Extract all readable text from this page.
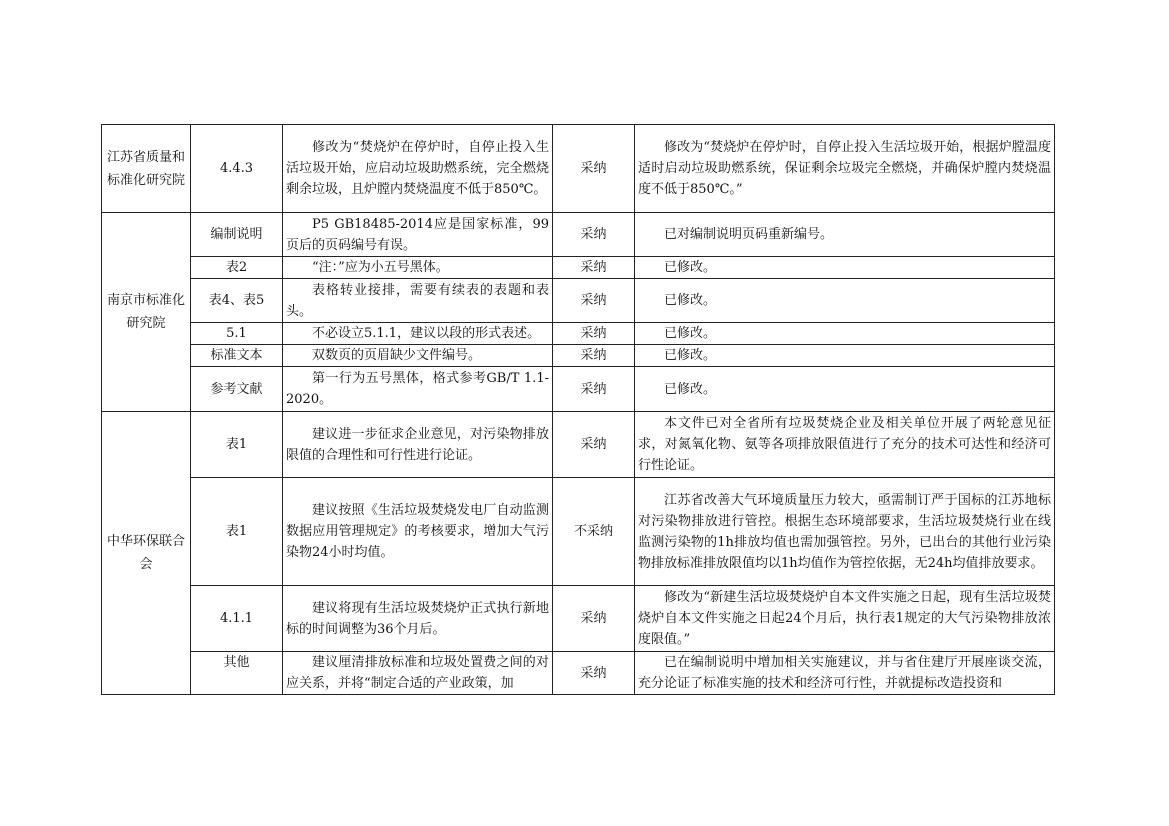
江苏省质量和标准化研究院	4.4.3	修改为“焚烧炉在停炉时，自停止投入生活垃圾开始，应启动垃圾助燃系统，完全燃烧剩余垃圾，且炉膛内焚烧温度不低于850℃。	采纳	修改为“焚烧炉在停炉时，自停止投入生活垃圾开始，根据炉膛温度适时启动垃圾助燃系统，保证剩余垃圾完全燃烧，并确保炉膛内焚烧温度不低于850℃。”
南京市标准化研究院	编制说明	P5 GB18485-2014应是国家标准，99页后的页码编号有误。	采纳	已对编制说明页码重新编号。
	表2	“注：”应为小五号黑体。	采纳	已修改。
	表4、表5	表格转业接排，需要有续表的表题和表头。	采纳	已修改。
	5.1	不必设立5.1.1，建议以段的形式表述。	采纳	已修改。
	标准文本	双数页的页眉缺少文件编号。	采纳	已修改。
	参考文献	第一行为五号黑体，格式参考GB/T 1.1-2020。	采纳	已修改。
中华环保联合会	表1	建议进一步征求企业意见，对污染物排放限值的合理性和可行性进行论证。	采纳	本文件已对全省所有垃圾焚烧企业及相关单位开展了两轮意见征求，对氮氧化物、氨等各项排放限值进行了充分的技术可达性和经济可行性论证。
	表1	建议按照《生活垃圾焚烧发电厂自动监测数据应用管理规定》的考核要求，增加大气污染物24小时均值。	不采纳	江苏省改善大气环境质量压力较大，亟需制订严于国标的江苏地标对污染物排放进行管控。根据生态环境部要求，生活垃圾焚烧行业在线监测污染物的1h排放均值也需加强管控。另外，已出台的其他行业污染物排放标准排放限值均以1h均值作为管控依据，无24h均值排放要求。
	4.1.1	建议将现有生活垃圾焚烧炉正式执行新地标的时间调整为36个月后。	采纳	修改为“新建生活垃圾焚烧炉自本文件实施之日起，现有生活垃圾焚烧炉自本文件实施之日起24个月后，执行表1规定的大气污染物排放浓度限值。”
	其他	建议厘清排放标准和垃圾处置费之间的对应关系，并将“制定合适的产业政策，加	采纳	已在编制说明中增加相关实施建议，并与省住建厅开展座谈交流，充分论证了标准实施的技术和经济可行性，并就提标改造投资和
